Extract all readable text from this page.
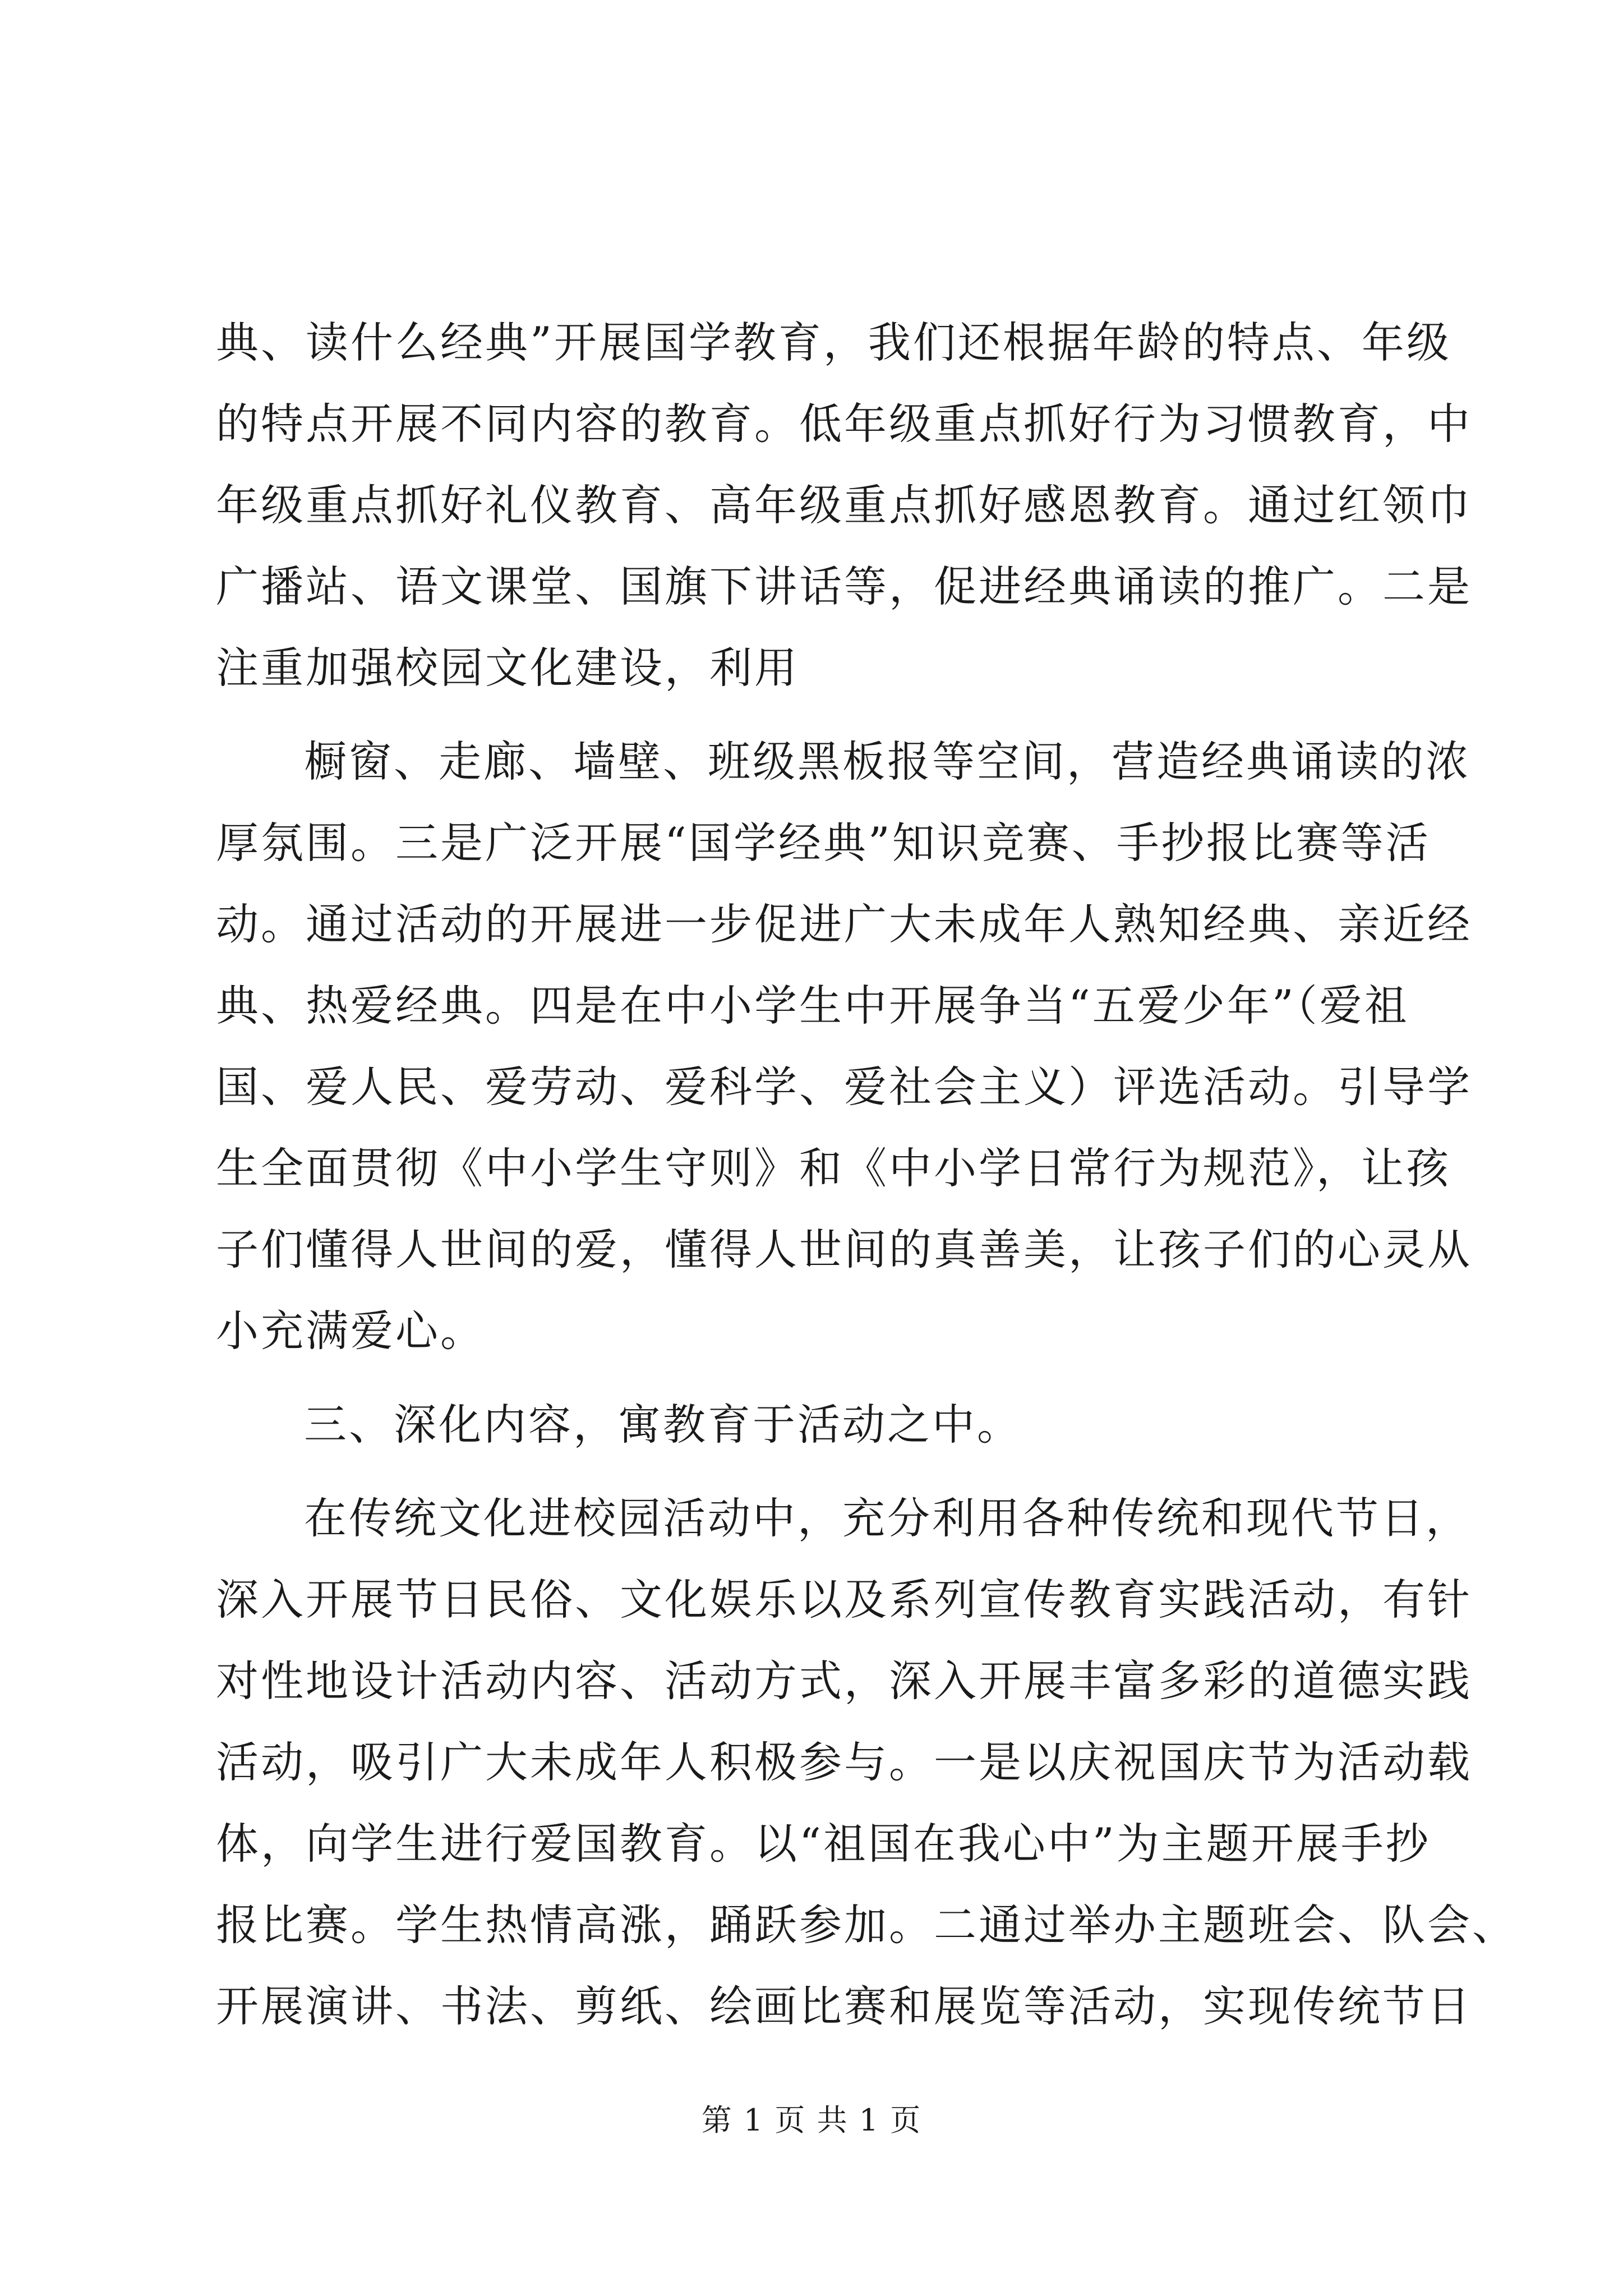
典、读什么经典”开展国学教育，我们还根据年龄的特点、年级
的特点开展不同内容的教育。低年级重点抓好行为习惯教育，中
年级重点抓好礼仪教育、高年级重点抓好感恩教育。通过红领巾
广播站、语文课堂、国旗下讲话等，促进经典诵读的推广。二是
注重加强校园文化建设，利用
橱窗、走廊、墙壁、班级黑板报等空间，营造经典诵读的浓
厚氛围。三是广泛开展“国学经典”知识竞赛、手抄报比赛等活
动。通过活动的开展进一步促进广大未成年人熟知经典、亲近经
典、热爱经典。四是在中小学生中开展争当“五爱少年”（爱祖
国、爱人民、爱劳动、爱科学、爱社会主义）评选活动。引导学
生全面贯彻《中小学生守则》和《中小学日常行为规范》，让孩
子们懂得人世间的爱，懂得人世间的真善美，让孩子们的心灵从
小充满爱心。
三、深化内容，寓教育于活动之中。
在传统文化进校园活动中，充分利用各种传统和现代节日，
深入开展节日民俗、文化娱乐以及系列宣传教育实践活动，有针
对性地设计活动内容、活动方式，深入开展丰富多彩的道德实践
活动，吸引广大未成年人积极参与。一是以庆祝国庆节为活动载
体，向学生进行爱国教育。以“祖国在我心中”为主题开展手抄
报比赛。学生热情高涨，踊跃参加。二通过举办主题班会、队会、
开展演讲、书法、剪纸、绘画比赛和展览等活动，实现传统节日
第 1 页 共 1 页
